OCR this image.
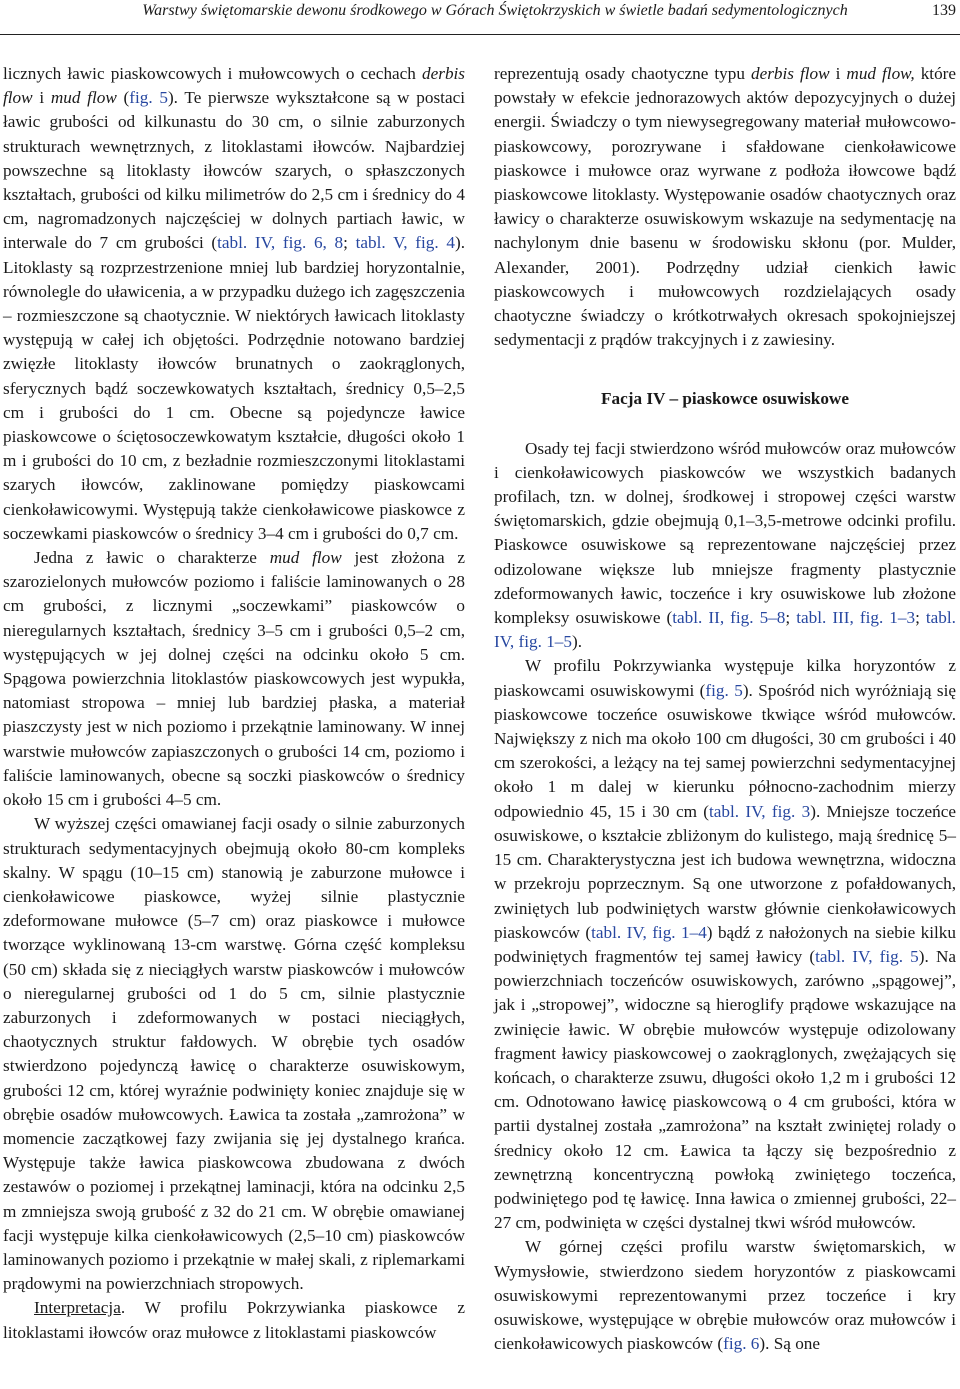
Warstwy świętomarskie dewonu środkowego w Górach Świętokrzyskich w świetle badań sedymentologicznych	139

licznych ławic piaskowcowych i mułowcowych o cechach derbis flow i mud flow (fig. 5). Te pierwsze wykształcone są w postaci ławic grubości od kilkunastu do 30 cm, o silnie zaburzonych strukturach wewnętrznych, z litoklastami iłowców. Najbardziej powszechne są litoklasty iłowców szarych, o spłaszczonych kształtach, grubości od kilku milimetrów do 2,5 cm i średnicy do 4 cm, nagromadzonych najczęściej w dolnych partiach ławic, w interwale do 7 cm grubości (tabl. IV, fig. 6, 8; tabl. V, fig. 4). Litoklasty są rozprzestrzenione mniej lub bardziej horyzontalnie, równolegle do uławicenia, a w przypadku dużego ich zagęszczenia – rozmieszczone są chaotycznie. W niektórych ławicach litoklasty występują w całej ich objętości. Podrzędnie notowano bardziej zwięzłe litoklasty iłowców brunatnych o zaokrąglonych, sferycznych bądź soczewkowatych kształtach, średnicy 0,5–2,5 cm i grubości do 1 cm. Obecne są pojedyncze ławice piaskowcowe o ściętosoczewkowatym kształcie, długości około 1 m i grubości do 10 cm, z bezładnie rozmieszczonymi litoklastami szarych iłowców, zaklinowane pomiędzy piaskowcami cienkoławicowymi. Występują także cienkoławicowe piaskowce z soczewkami piaskowców o średnicy 3–4 cm i grubości do 0,7 cm.

Jedna z ławic o charakterze mud flow jest złożona z szarozielonych mułowców poziomo i faliście laminowanych o 28 cm grubości, z licznymi „soczewkami” piaskowców o nieregularnych kształtach, średnicy 3–5 cm i grubości 0,5–2 cm, występujących w jej dolnej części na odcinku około 5 cm. Spągowa powierzchnia litoklastów piaskowcowych jest wypukła, natomiast stropowa – mniej lub bardziej płaska, a materiał piaszczysty jest w nich poziomo i przekątnie laminowany. W innej warstwie mułowców zapiaszczonych o grubości 14 cm, poziomo i faliście laminowanych, obecne są soczki piaskowców o średnicy około 15 cm i grubości 4–5 cm.

W wyższej części omawianej facji osady o silnie zaburzonych strukturach sedymentacyjnych obejmują około 80-cm kompleks skalny. W spągu (10–15 cm) stanowią je zaburzone mułowce i cienkoławicowe piaskowce, wyżej silnie plastycznie zdeformowane mułowce (5–7 cm) oraz piaskowce i mułowce tworzące wyklinowaną 13-cm warstwę. Górna część kompleksu (50 cm) składa się z nieciągłych warstw piaskowców i mułowców o nieregularnej grubości od 1 do 5 cm, silnie plastycznie zaburzonych i zdeformowanych w postaci nieciągłych, chaotycznych struktur fałdowych. W obrębie tych osadów stwierdzono pojedynczą ławicę o charakterze osuwiskowym, grubości 12 cm, której wyraźnie podwinięty koniec znajduje się w obrębie osadów mułowcowych. Ławica ta została „zamrożona” w momencie zaczątkowej fazy zwijania się jej dystalnego krańca. Występuje także ławica piaskowcowa zbudowana z dwóch zestawów o poziomej i przekątnej laminacji, która na odcinku 2,5 m zmniejsza swoją grubość z 32 do 21 cm. W obrębie omawianej facji występuje kilka cienkoławicowych (2,5–10 cm) piaskowców laminowanych poziomo i przekątnie w małej skali, z riplemarkami prądowymi na powierzchniach stropowych.

Interpretacja. W profilu Pokrzywianka piaskowce z litoklastami iłowców oraz mułowce z litoklastami piaskowców

reprezentują osady chaotyczne typu derbis flow i mud flow, które powstały w efekcie jednorazowych aktów depozycyjnych o dużej energii. Świadczy o tym niewysegregowany materiał mułowcowo-piaskowcowy, porozrywane i sfałdowane cienkoławicowe piaskowce i mułowce oraz wyrwane z podłoża iłowcowe bądź piaskowcowe litoklasty. Występowanie osadów chaotycznych oraz ławicy o charakterze osuwiskowym wskazuje na sedymentację na nachylonym dnie basenu w środowisku skłonu (por. Mulder, Alexander, 2001). Podrzędny udział cienkich ławic piaskowcowych i mułowcowych rozdzielających osady chaotyczne świadczy o krótkotrwałych okresach spokojniejszej sedymentacji z prądów trakcyjnych i z zawiesiny.

Facja IV – piaskowce osuwiskowe

Osady tej facji stwierdzono wśród mułowców oraz mułowców i cienkoławicowych piaskowców we wszystkich badanych profilach, tzn. w dolnej, środkowej i stropowej części warstw świętomarskich, gdzie obejmują 0,1–3,5-metrowe odcinki profilu. Piaskowce osuwiskowe są reprezentowane najczęściej przez odizolowane większe lub mniejsze fragmenty plastycznie zdeformowanych ławic, toczeńce i kry osuwiskowe lub złożone kompleksy osuwiskowe (tabl. II, fig. 5–8; tabl. III, fig. 1–3; tabl. IV, fig. 1–5).

W profilu Pokrzywianka występuje kilka horyzontów z piaskowcami osuwiskowymi (fig. 5). Spośród nich wyróżniają się piaskowcowe toczeńce osuwiskowe tkwiące wśród mułowców. Największy z nich ma około 100 cm długości, 30 cm grubości i 40 cm szerokości, a leżący na tej samej powierzchni sedymentacyjnej około 1 m dalej w kierunku północno-zachodnim mierzy odpowiednio 45, 15 i 30 cm (tabl. IV, fig. 3). Mniejsze toczeńce osuwiskowe, o kształcie zbliżonym do kulistego, mają średnicę 5–15 cm. Charakterystyczna jest ich budowa wewnętrzna, widoczna w przekroju poprzecznym. Są one utworzone z pofałdowanych, zwiniętych lub podwiniętych warstw głównie cienkoławicowych piaskowców (tabl. IV, fig. 1–4) bądź z nałożonych na siebie kilku podwiniętych fragmentów tej samej ławicy (tabl. IV, fig. 5). Na powierzchniach toczeńców osuwiskowych, zarówno „spągowej”, jak i „stropowej”, widoczne są hieroglify prądowe wskazujące na zwinięcie ławic. W obrębie mułowców występuje odizolowany fragment ławicy piaskowcowej o zaokrąglonych, zwężających się końcach, o charakterze zsuwu, długości około 1,2 m i grubości 12 cm. Odnotowano ławicę piaskowcową o 4 cm grubości, która w partii dystalnej została „zamrożona” na kształt zwiniętej rolady o średnicy około 12 cm. Ławica ta łączy się bezpośrednio z zewnętrzną koncentryczną powłoką zwiniętego toczeńca, podwiniętego pod tę ławicę. Inna ławica o zmiennej grubości, 22–27 cm, podwinięta w części dystalnej tkwi wśród mułowców.

W górnej części profilu warstw świętomarskich, w Wymysłowie, stwierdzono siedem horyzontów z piaskowcami osuwiskowymi reprezentowanymi przez toczeńce i kry osuwiskowe, występujące w obrębie mułowców oraz mułowców i cienkoławicowych piaskowców (fig. 6). Są one
